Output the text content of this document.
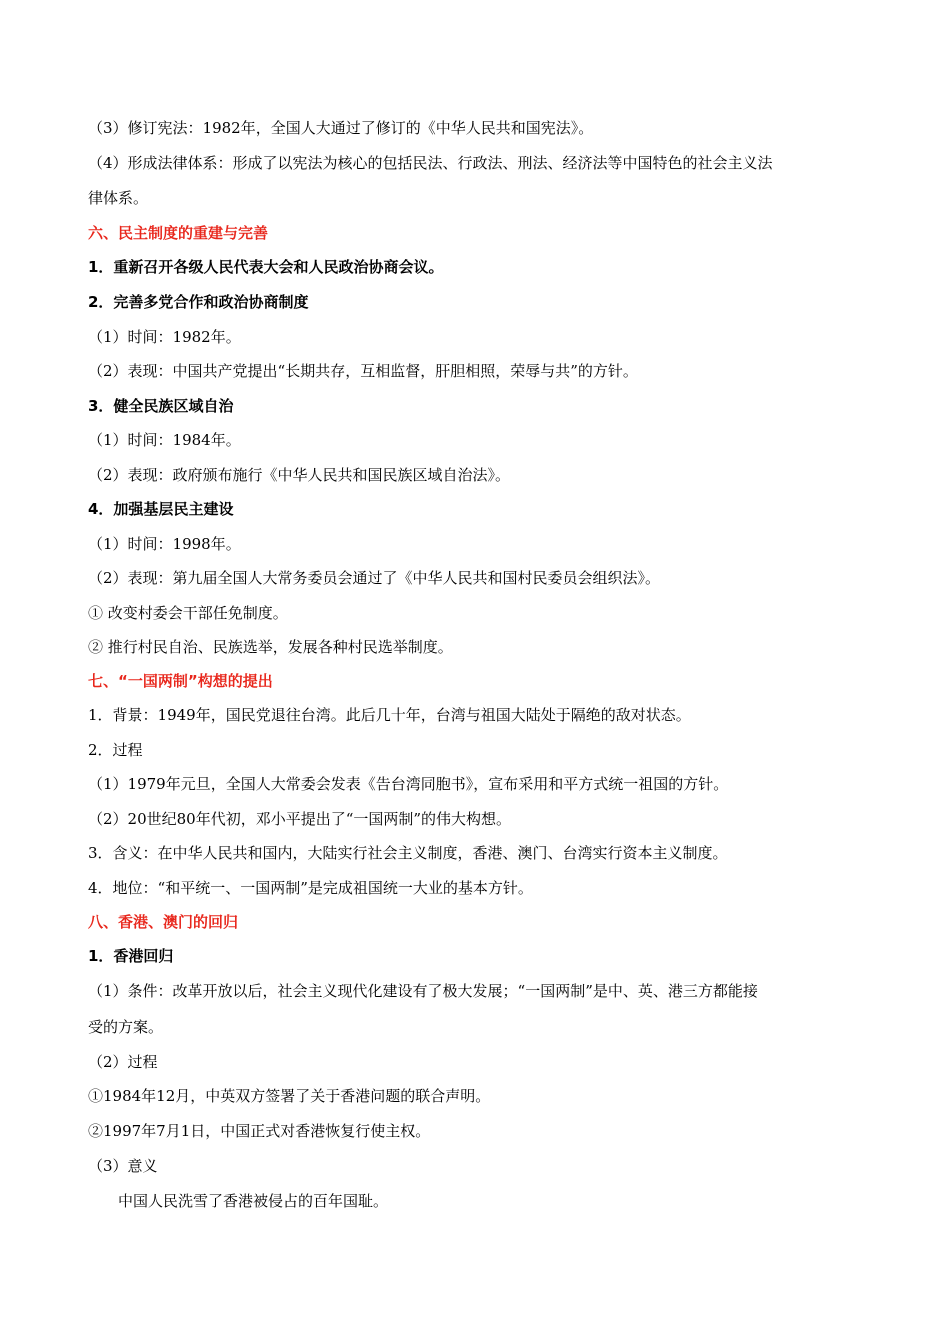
（3）修订宪法：1982年，全国人大通过了修订的《中华人民共和国宪法》。
（4）形成法律体系：形成了以宪法为核心的包括民法、行政法、刑法、经济法等中国特色的社会主义法
律体系。
六、民主制度的重建与完善
1．重新召开各级人民代表大会和人民政治协商会议。
2．完善多党合作和政治协商制度
（1）时间：1982年。
（2）表现：中国共产党提出“长期共存，互相监督，肝胆相照，荣辱与共”的方针。
3．健全民族区域自治
（1）时间：1984年。
（2）表现：政府颁布施行《中华人民共和国民族区域自治法》。
4．加强基层民主建设
（1）时间：1998年。
（2）表现：第九届全国人大常务委员会通过了《中华人民共和国村民委员会组织法》。
① 改变村委会干部任免制度。
② 推行村民自治、民族选举，发展各种村民选举制度。
七、“一国两制”构想的提出
1．背景：1949年，国民党退往台湾。此后几十年，台湾与祖国大陆处于隔绝的敌对状态。
2．过程
（1）1979年元旦，全国人大常委会发表《告台湾同胞书》，宣布采用和平方式统一祖国的方针。
（2）20世纪80年代初，邓小平提出了“一国两制”的伟大构想。
3．含义：在中华人民共和国内，大陆实行社会主义制度，香港、澳门、台湾实行资本主义制度。
4．地位：“和平统一、一国两制”是完成祖国统一大业的基本方针。
八、香港、澳门的回归
1．香港回归
（1）条件：改革开放以后，社会主义现代化建设有了极大发展；“一国两制”是中、英、港三方都能接
受的方案。
（2）过程
①1984年12月，中英双方签署了关于香港问题的联合声明。
②1997年7月1日，中国正式对香港恢复行使主权。
（3）意义
中国人民洗雪了香港被侵占的百年国耻。
